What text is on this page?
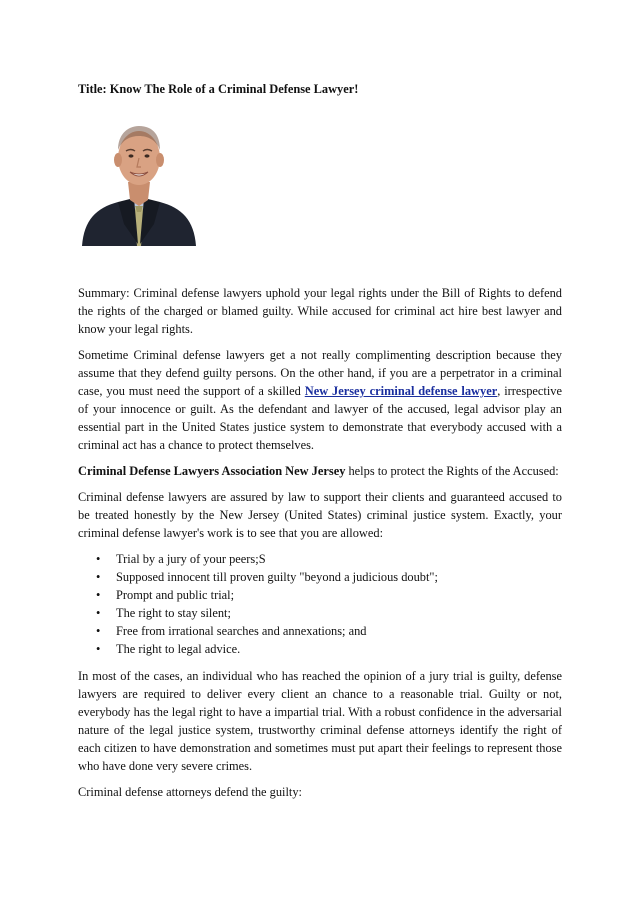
Title: Know The Role of a Criminal Defense Lawyer!

Summary: Criminal defense lawyers uphold your legal rights under the Bill of Rights to defend the rights of the charged or blamed guilty. While accused for criminal act hire best lawyer and know your legal rights.

Sometime Criminal defense lawyers get a not really complimenting description because they assume that they defend guilty persons. On the other hand, if you are a perpetrator in a criminal case, you must need the support of a skilled New Jersey criminal defense lawyer, irrespective of your innocence or guilt. As the defendant and lawyer of the accused, legal advisor play an essential part in the United States justice system to demonstrate that everybody accused with a criminal act has a chance to protect themselves.

Criminal Defense Lawyers Association New Jersey helps to protect the Rights of the Accused:

Criminal defense lawyers are assured by law to support their clients and guaranteed accused to be treated honestly by the New Jersey (United States) criminal justice system. Exactly, your criminal defense lawyer's work is to see that you are allowed:

• Trial by a jury of your peers;S
• Supposed innocent till proven guilty "beyond a judicious doubt";
• Prompt and public trial;
• The right to stay silent;
• Free from irrational searches and annexations; and
• The right to legal advice.

In most of the cases, an individual who has reached the opinion of a jury trial is guilty, defense lawyers are required to deliver every client an chance to a reasonable trial. Guilty or not, everybody has the legal right to have a impartial trial. With a robust confidence in the adversarial nature of the legal justice system, trustworthy criminal defense attorneys identify the right of each citizen to have demonstration and sometimes must put apart their feelings to represent those who have done very severe crimes.

Criminal defense attorneys defend the guilty:
